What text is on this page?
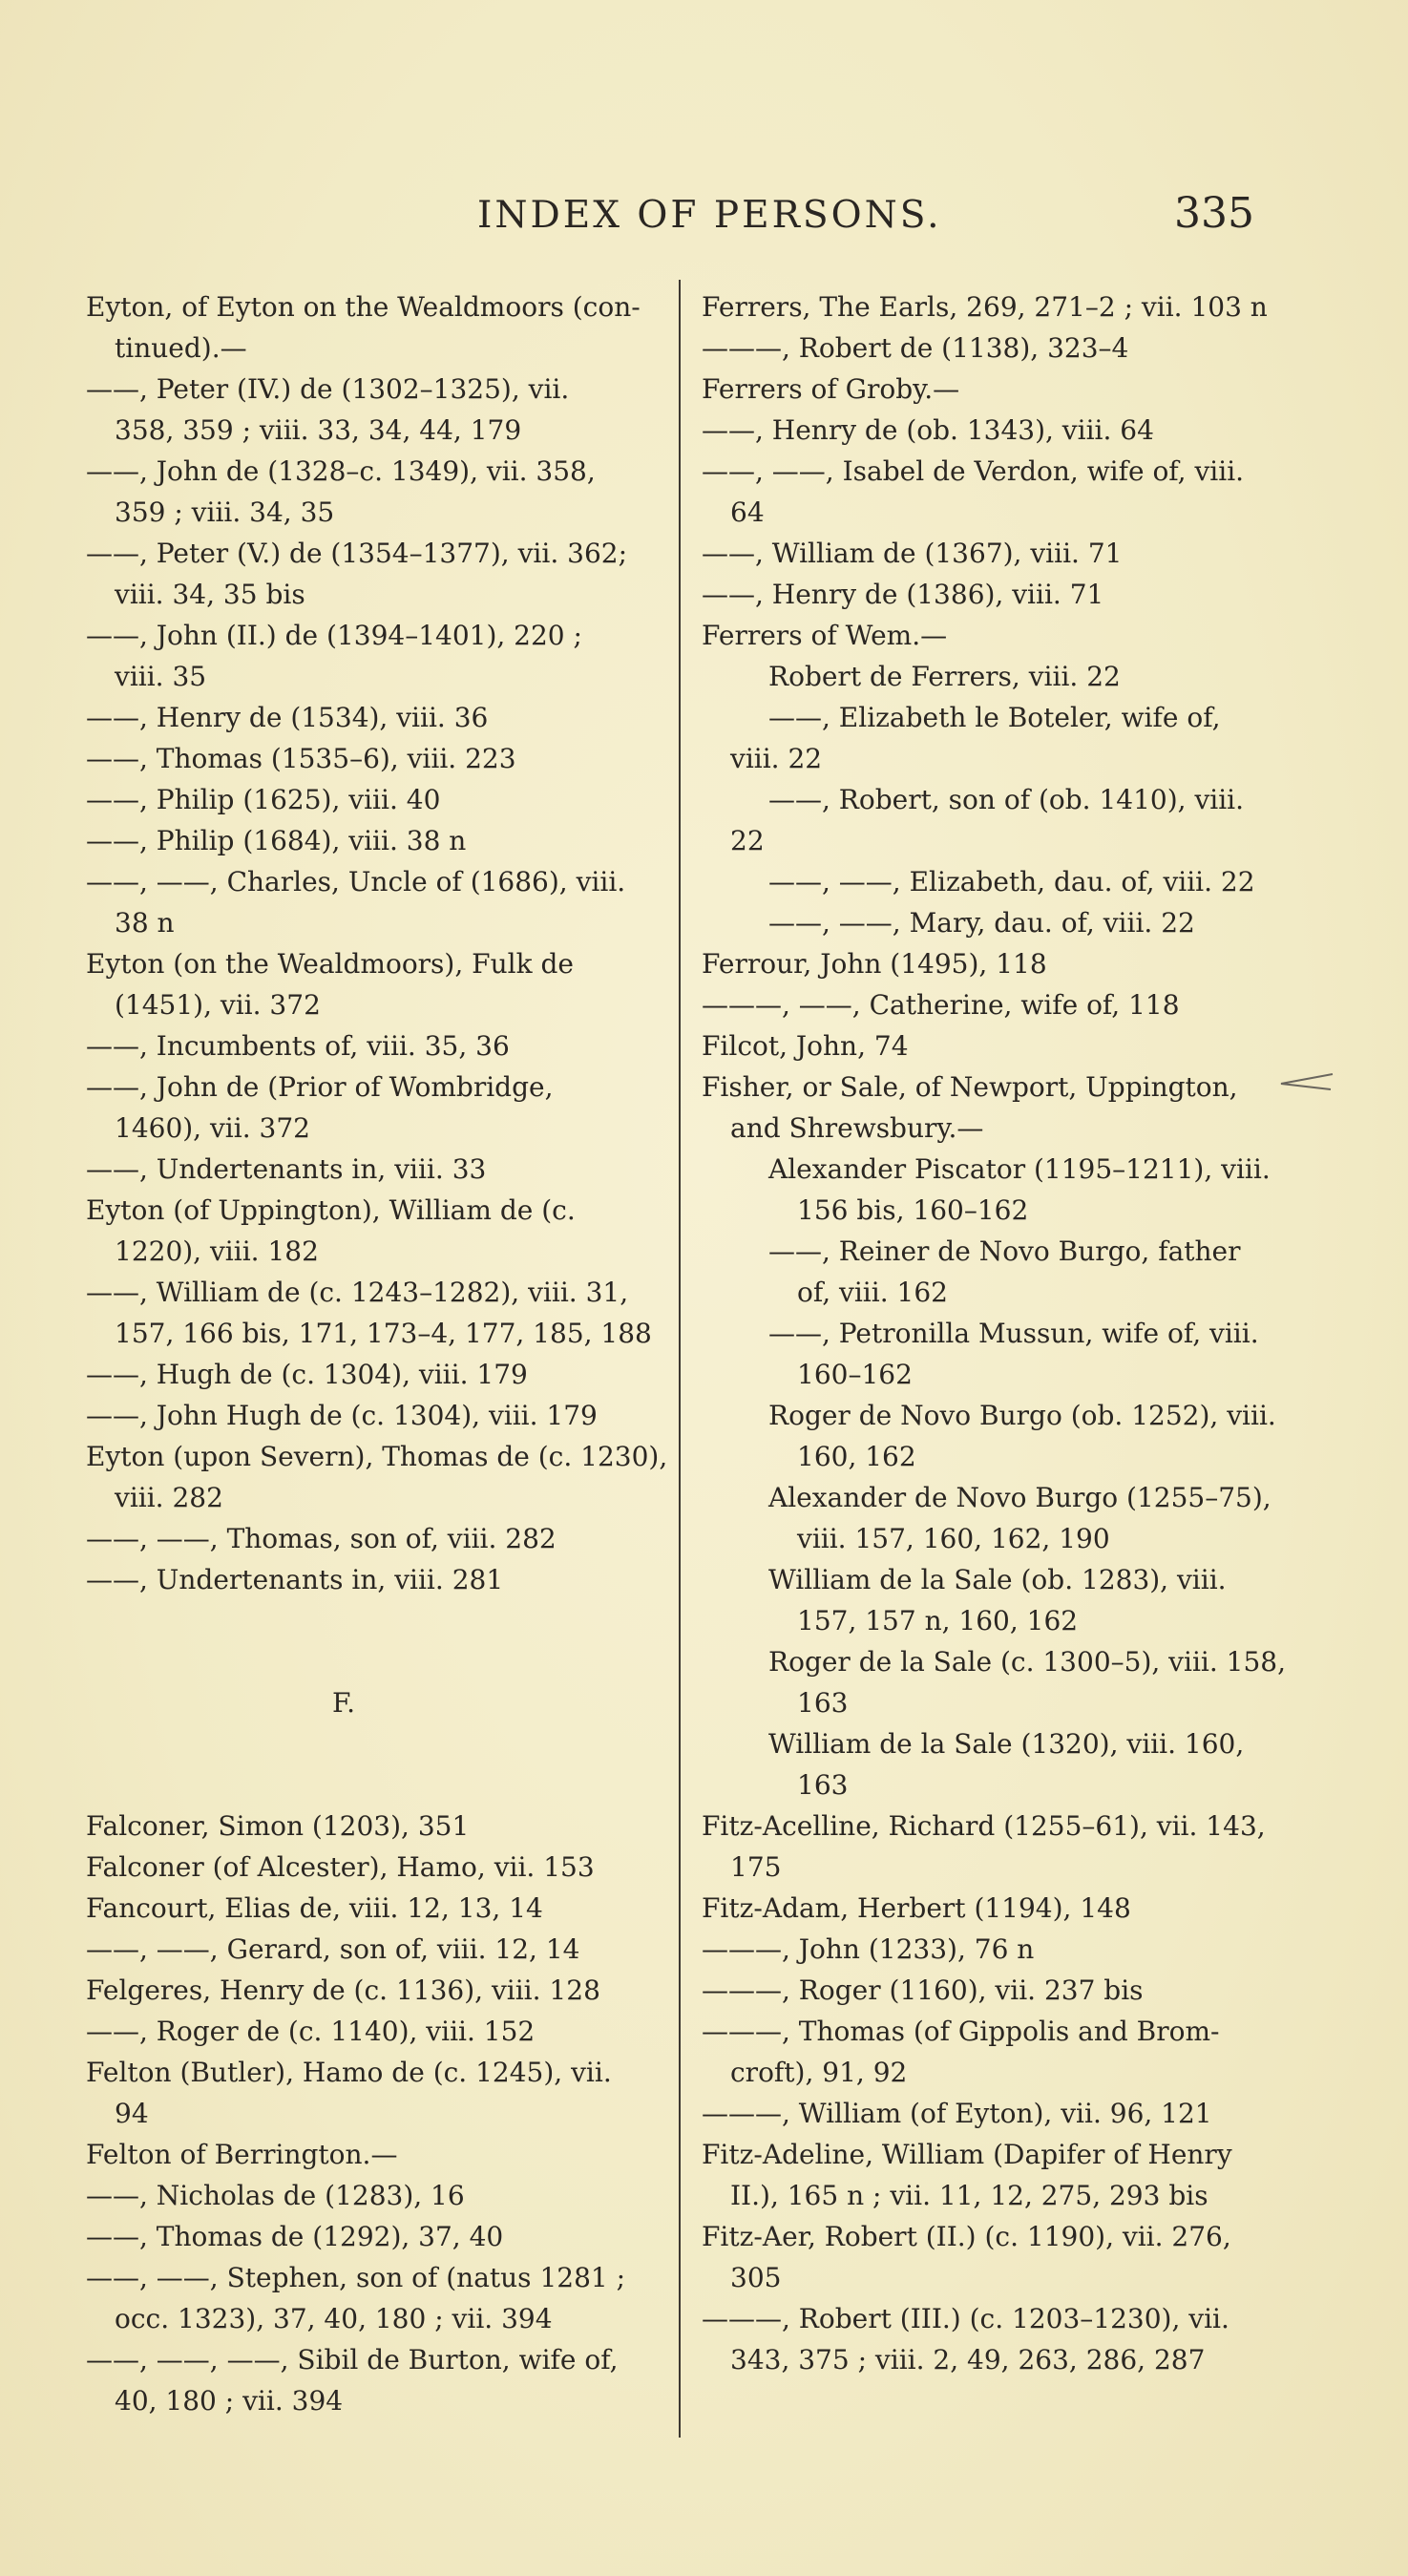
INDEX OF PERSONS.	335
Eyton, of Eyton on the Wealdmoors (con-
tinued).—
——, Peter (IV.) de (1302–1325), vii.
358, 359 ; viii. 33, 34, 44, 179
——, John de (1328–c. 1349), vii. 358,
359 ; viii. 34, 35
——, Peter (V.) de (1354–1377), vii. 362;
viii. 34, 35 bis
——, John (II.) de (1394–1401), 220 ;
viii. 35
——, Henry de (1534), viii. 36
——, Thomas (1535–6), viii. 223
——, Philip (1625), viii. 40
——, Philip (1684), viii. 38 n
——, ——, Charles, Uncle of (1686), viii.
38 n
Eyton (on the Wealdmoors), Fulk de
(1451), vii. 372
——, Incumbents of, viii. 35, 36
——, John de (Prior of Wombridge,
1460), vii. 372
——, Undertenants in, viii. 33
Eyton (of Uppington), William de (c.
1220), viii. 182
——, William de (c. 1243–1282), viii. 31,
157, 166 bis, 171, 173–4, 177, 185, 188
——, Hugh de (c. 1304), viii. 179
——, John Hugh de (c. 1304), viii. 179
Eyton (upon Severn), Thomas de (c. 1230),
viii. 282
——, ——, Thomas, son of, viii. 282
——, Undertenants in, viii. 281
F.
Falconer, Simon (1203), 351
Falconer (of Alcester), Hamo, vii. 153
Fancourt, Elias de, viii. 12, 13, 14
——, ——, Gerard, son of, viii. 12, 14
Felgeres, Henry de (c. 1136), viii. 128
——, Roger de (c. 1140), viii. 152
Felton (Butler), Hamo de (c. 1245), vii.
94
Felton of Berrington.—
——, Nicholas de (1283), 16
——, Thomas de (1292), 37, 40
——, ——, Stephen, son of (natus 1281 ;
occ. 1323), 37, 40, 180 ; vii. 394
——, ——, ——, Sibil de Burton, wife of,
40, 180 ; vii. 394
Ferrers, The Earls, 269, 271–2 ; vii. 103 n
———, Robert de (1138), 323–4
Ferrers of Groby.—
——, Henry de (ob. 1343), viii. 64
——, ——, Isabel de Verdon, wife of, viii.
64
——, William de (1367), viii. 71
——, Henry de (1386), viii. 71
Ferrers of Wem.—
Robert de Ferrers, viii. 22
——, Elizabeth le Boteler, wife of,
viii. 22
——, Robert, son of (ob. 1410), viii.
22
——, ——, Elizabeth, dau. of, viii. 22
——, ——, Mary, dau. of, viii. 22
Ferrour, John (1495), 118
———, ——, Catherine, wife of, 118
Filcot, John, 74
Fisher, or Sale, of Newport, Uppington,
and Shrewsbury.—
Alexander Piscator (1195–1211), viii.
156 bis, 160–162
——, Reiner de Novo Burgo, father
of, viii. 162
——, Petronilla Mussun, wife of, viii.
160–162
Roger de Novo Burgo (ob. 1252), viii.
160, 162
Alexander de Novo Burgo (1255–75),
viii. 157, 160, 162, 190
William de la Sale (ob. 1283), viii.
157, 157 n, 160, 162
Roger de la Sale (c. 1300–5), viii. 158,
163
William de la Sale (1320), viii. 160,
163
Fitz-Acelline, Richard (1255–61), vii. 143,
175
Fitz-Adam, Herbert (1194), 148
———, John (1233), 76 n
———, Roger (1160), vii. 237 bis
———, Thomas (of Gippolis and Brom-
croft), 91, 92
———, William (of Eyton), vii. 96, 121
Fitz-Adeline, William (Dapifer of Henry
II.), 165 n ; vii. 11, 12, 275, 293 bis
Fitz-Aer, Robert (II.) (c. 1190), vii. 276,
305
———, Robert (III.) (c. 1203–1230), vii.
343, 375 ; viii. 2, 49, 263, 286, 287
